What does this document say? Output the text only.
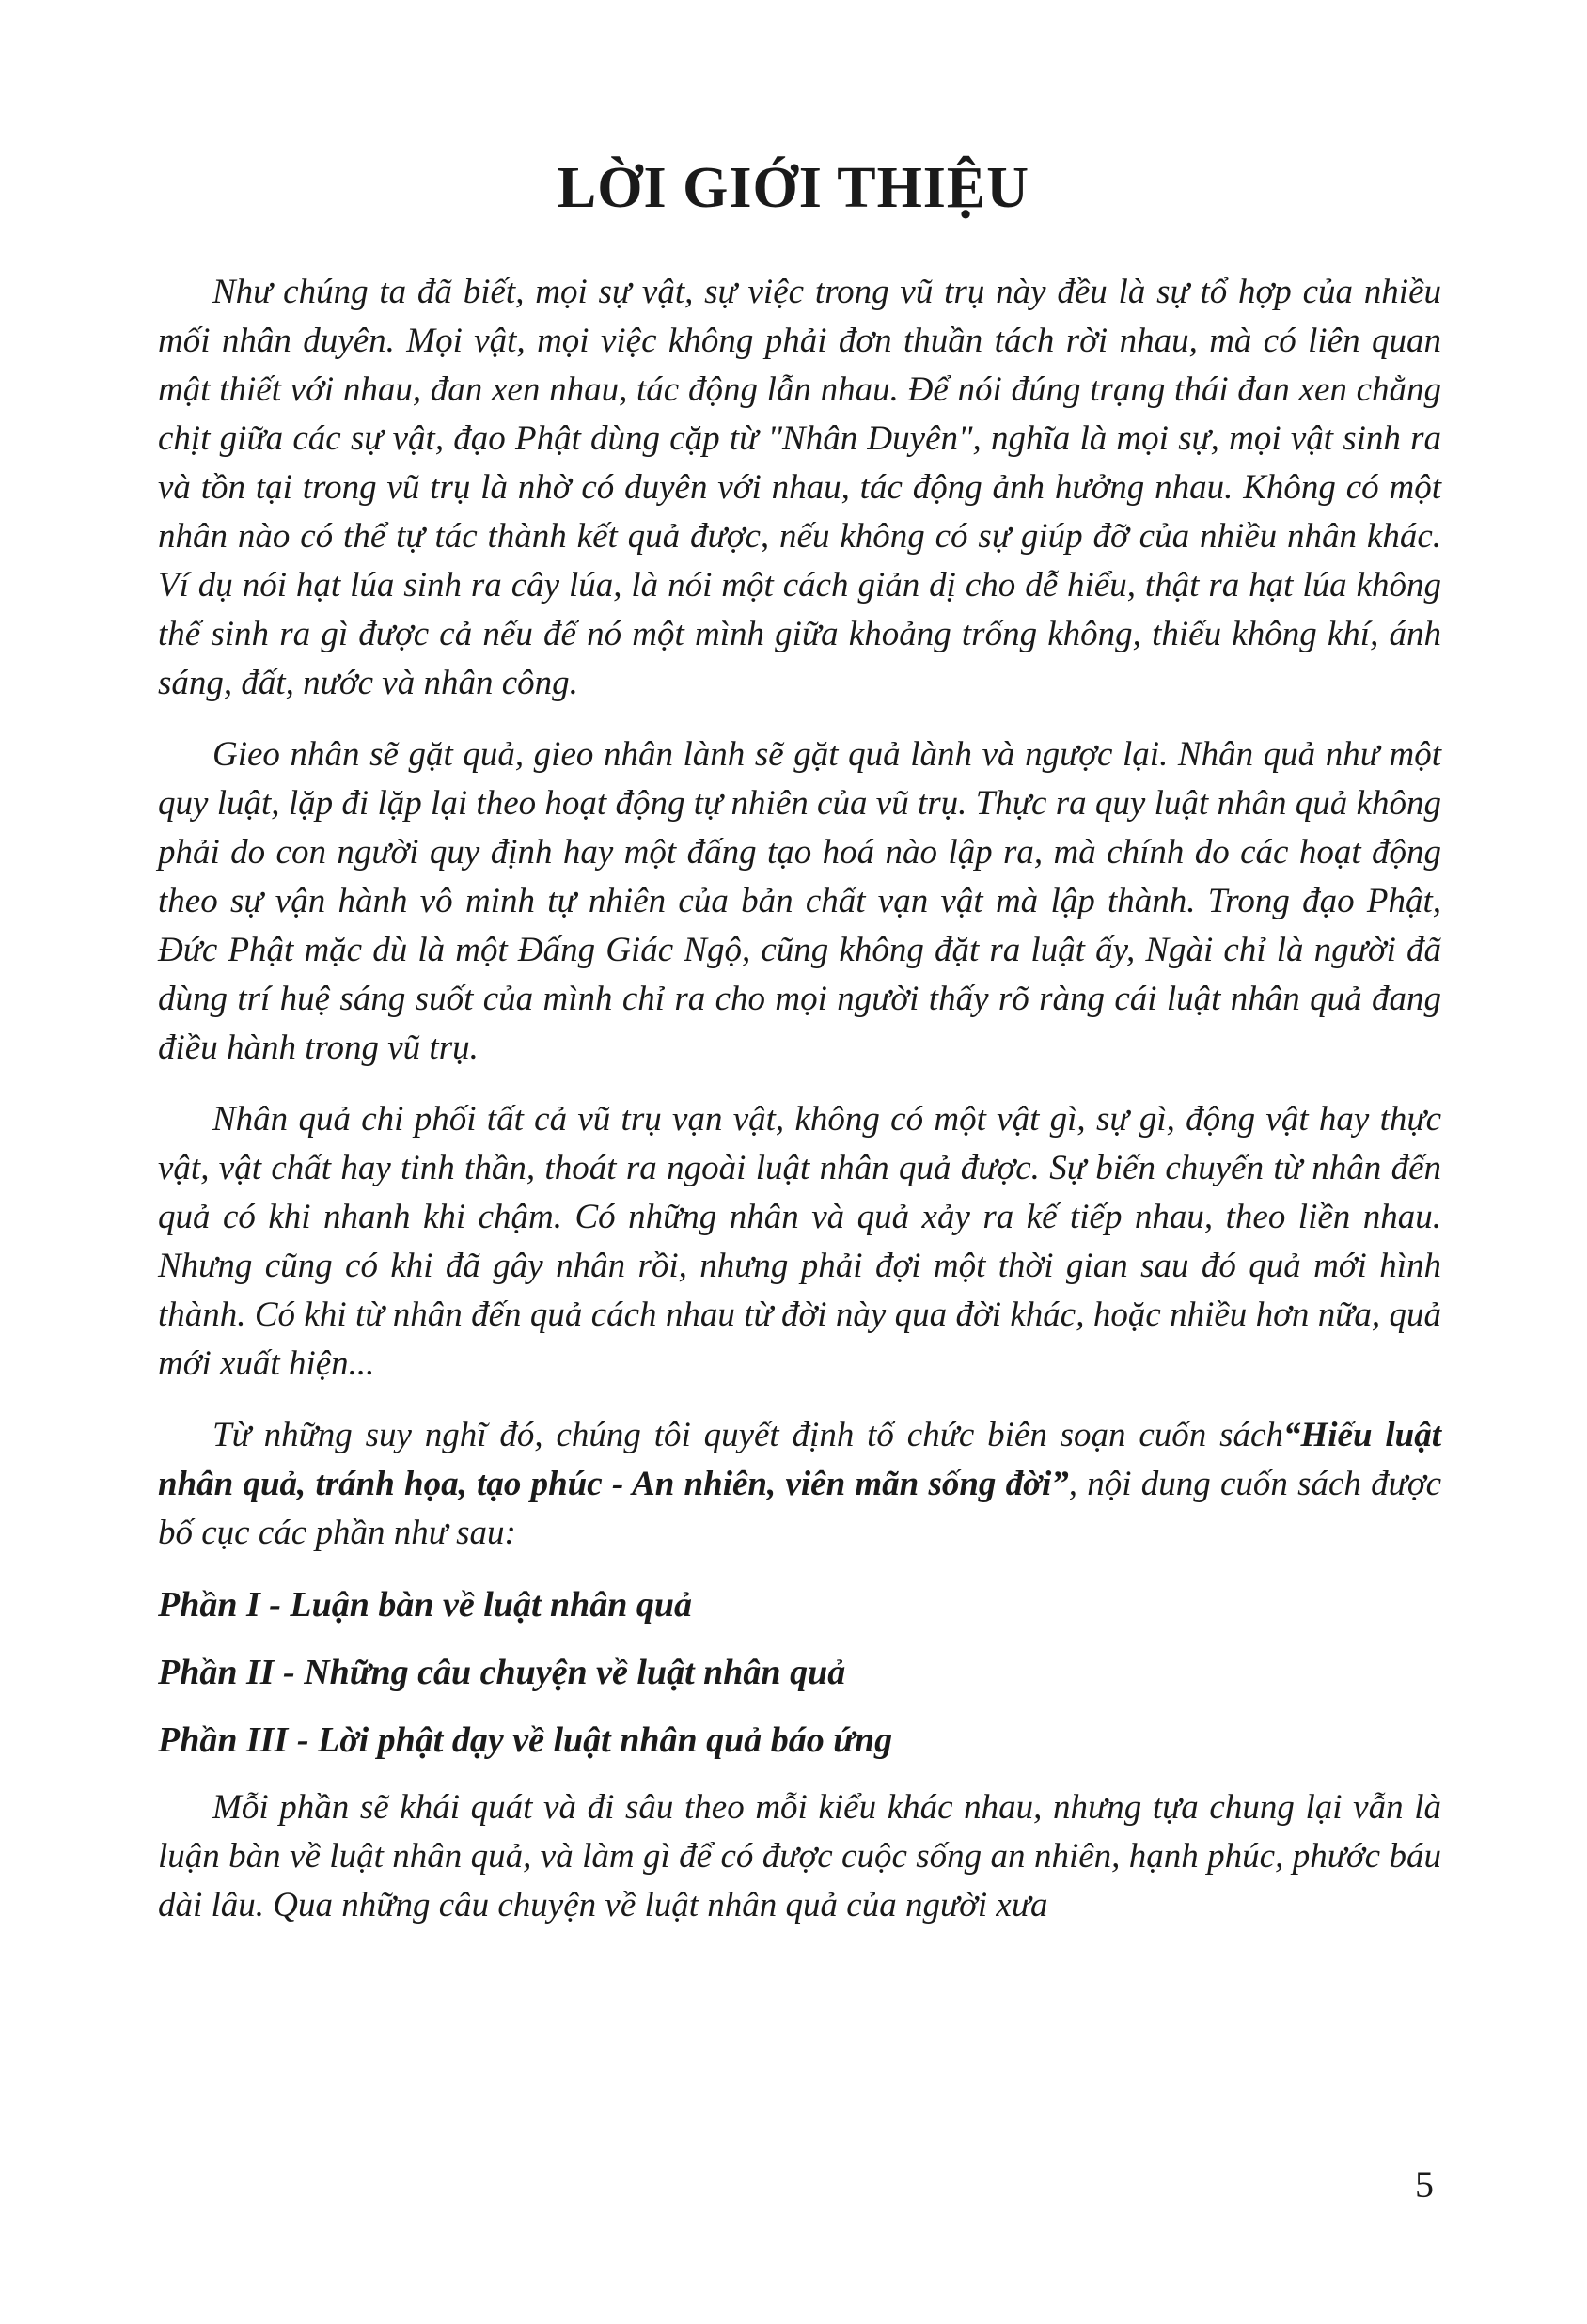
LỜI GIỚI THIỆU

Như chúng ta đã biết, mọi sự vật, sự việc trong vũ trụ này đều là sự tổ hợp của nhiều mối nhân duyên. Mọi vật, mọi việc không phải đơn thuần tách rời nhau, mà có liên quan mật thiết với nhau, đan xen nhau, tác động lẫn nhau. Để nói đúng trạng thái đan xen chằng chịt giữa các sự vật, đạo Phật dùng cặp từ "Nhân Duyên", nghĩa là mọi sự, mọi vật sinh ra và tồn tại trong vũ trụ là nhờ có duyên với nhau, tác động ảnh hưởng nhau. Không có một nhân nào có thể tự tác thành kết quả được, nếu không có sự giúp đỡ của nhiều nhân khác. Ví dụ nói hạt lúa sinh ra cây lúa, là nói một cách giản dị cho dễ hiểu, thật ra hạt lúa không thể sinh ra gì được cả nếu để nó một mình giữa khoảng trống không, thiếu không khí, ánh sáng, đất, nước và nhân công.

Gieo nhân sẽ gặt quả, gieo nhân lành sẽ gặt quả lành và ngược lại. Nhân quả như một quy luật, lặp đi lặp lại theo hoạt động tự nhiên của vũ trụ. Thực ra quy luật nhân quả không phải do con người quy định hay một đấng tạo hoá nào lập ra, mà chính do các hoạt động theo sự vận hành vô minh tự nhiên của bản chất vạn vật mà lập thành. Trong đạo Phật, Đức Phật mặc dù là một Đấng Giác Ngộ, cũng không đặt ra luật ấy, Ngài chỉ là người đã dùng trí huệ sáng suốt của mình chỉ ra cho mọi người thấy rõ ràng cái luật nhân quả đang điều hành trong vũ trụ.

Nhân quả chi phối tất cả vũ trụ vạn vật, không có một vật gì, sự gì, động vật hay thực vật, vật chất hay tinh thần, thoát ra ngoài luật nhân quả được. Sự biến chuyển từ nhân đến quả có khi nhanh khi chậm. Có những nhân và quả xảy ra kế tiếp nhau, theo liền nhau. Nhưng cũng có khi đã gây nhân rồi, nhưng phải đợi một thời gian sau đó quả mới hình thành. Có khi từ nhân đến quả cách nhau từ đời này qua đời khác, hoặc nhiều hơn nữa, quả mới xuất hiện...

Từ những suy nghĩ đó, chúng tôi quyết định tổ chức biên soạn cuốn sách“Hiểu luật nhân quả, tránh họa, tạo phúc - An nhiên, viên mãn sống đời”, nội dung cuốn sách được bố cục các phần như sau:

Phần I - Luận bàn về luật nhân quả

Phần II - Những câu chuyện về luật nhân quả

Phần III - Lời phật dạy về luật nhân quả báo ứng

Mỗi phần sẽ khái quát và đi sâu theo mỗi kiểu khác nhau, nhưng tựa chung lại vẫn là luận bàn về luật nhân quả, và làm gì để có được cuộc sống an nhiên, hạnh phúc, phước báu dài lâu. Qua những câu chuyện về luật nhân quả của người xưa

5
